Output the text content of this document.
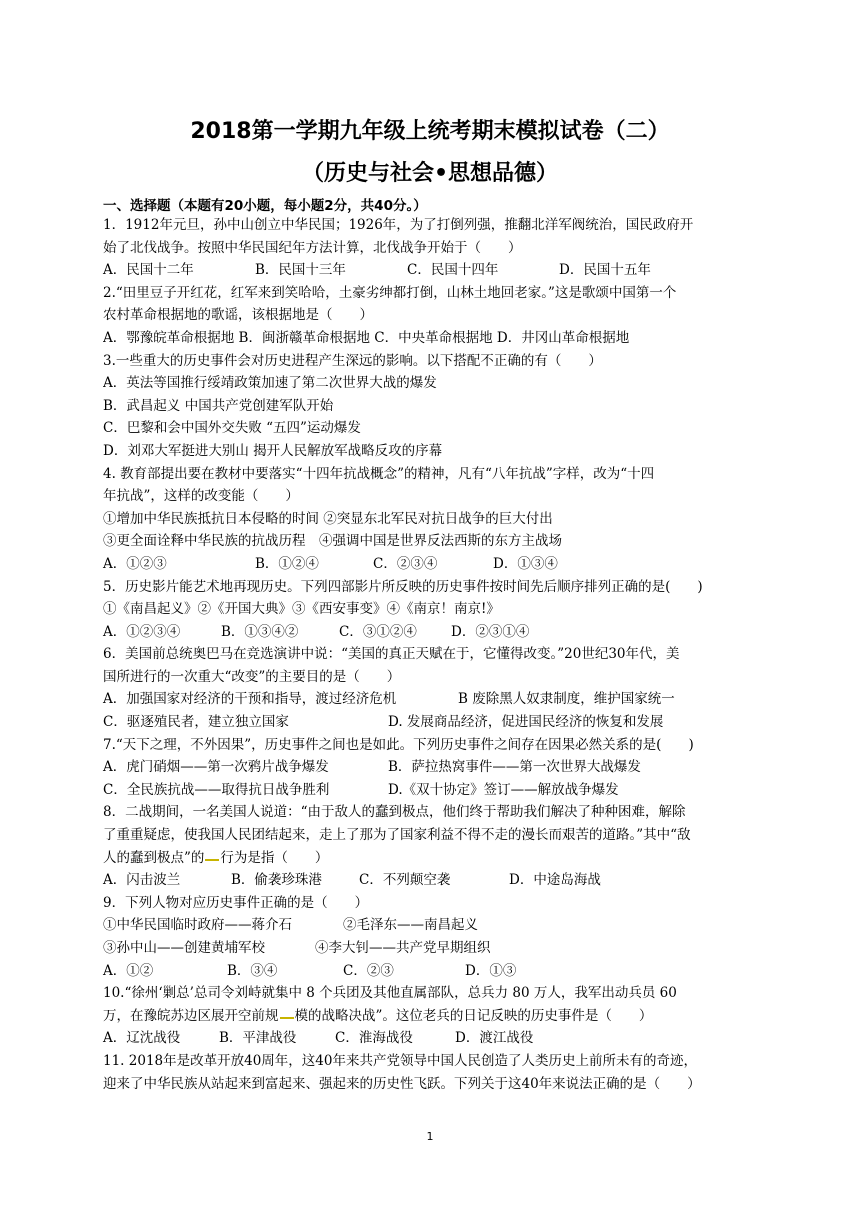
2018第一学期九年级上统考期末模拟试卷（二）
（历史与社会•思想品德）
一、选择题（本题有20小题，每小题2分，共40分。）
1．1912年元旦，孙中山创立中华民国；1926年，为了打倒列强，推翻北洋军阀统治，国民政府开
始了北伐战争。按照中华民国纪年方法计算，北伐战争开始于（　　）
A．民国十二年	B．民国十三年	C．民国十四年	D．民国十五年
2.“田里豆子开红花，红军来到笑哈哈，土豪劣绅都打倒，山林土地回老家。”这是歌颂中国第一个
农村革命根据地的歌谣，该根据地是（　　）
A．鄂豫皖革命根据地 B．闽浙赣革命根据地 C．中央革命根据地 D．井冈山革命根据地
3.一些重大的历史事件会对历史进程产生深远的影响。以下搭配不正确的有（　　）
A．英法等国推行绥靖政策加速了第二次世界大战的爆发
B．武昌起义 中国共产党创建军队开始
C．巴黎和会中国外交失败 “五四”运动爆发
D．刘邓大军挺进大别山 揭开人民解放军战略反攻的序幕
4. 教育部提出要在教材中要落实“十四年抗战概念”的精神，凡有“八年抗战”字样，改为“十四
年抗战”，这样的改变能（　　）
①增加中华民族抵抗日本侵略的时间 ②突显东北军民对抗日战争的巨大付出
③更全面诠释中华民族的抗战历程　④强调中国是世界反法西斯的东方主战场
A．①②③	B．①②④	C．②③④	D．①③④
5．历史影片能艺术地再现历史。下列四部影片所反映的历史事件按时间先后顺序排列正确的是(　　)
①《南昌起义》②《开国大典》③《西安事变》④《南京！南京!》
A．①②③④	B．①③④②	C．③①②④	D．②③①④
6．美国前总统奥巴马在竞选演讲中说：“美国的真正天赋在于，它懂得改变。”20世纪30年代，美
国所进行的一次重大“改变”的主要目的是（　　）
A．加强国家对经济的干预和指导，渡过经济危机	B 废除黑人奴隶制度，维护国家统一
C．驱逐殖民者，建立独立国家	D. 发展商品经济，促进国民经济的恢复和发展
7.“天下之理，不外因果”，历史事件之间也是如此。下列历史事件之间存在因果必然关系的是(　　)
A．虎门硝烟——第一次鸦片战争爆发	B．萨拉热窝事件——第一次世界大战爆发
C．全民族抗战——取得抗日战争胜利	D.《双十协定》签订——解放战争爆发
8．二战期间，一名美国人说道：“由于敌人的蠢到极点，他们终于帮助我们解决了种种困难，解除
了重重疑虑，使我国人民团结起来，走上了那为了国家利益不得不走的漫长而艰苦的道路。”其中“敌
人的蠢到极点”的 行为是指（　　）
A．闪击波兰	B．偷袭珍珠港	C．不列颠空袭	D．中途岛海战
9．下列人物对应历史事件正确的是（　　）
①中华民国临时政府——蒋介石	②毛泽东——南昌起义
③孙中山——创建黄埔军校	④李大钊——共产党早期组织
A．①②	B．③④	C．②③	D．①③
10.“徐州‘剿总’总司令刘峙就集中 8 个兵团及其他直属部队，总兵力 80 万人，我军出动兵员 60
万，在豫皖苏边区展开空前规 模的战略决战”。这位老兵的日记反映的历史事件是（　　）
A．辽沈战役	B．平津战役	C．淮海战役	D．渡江战役
11. 2018年是改革开放40周年，这40年来共产党领导中国人民创造了人类历史上前所未有的奇迹，
迎来了中华民族从站起来到富起来、强起来的历史性飞跃。下列关于这40年来说法正确的是（　　）
1
